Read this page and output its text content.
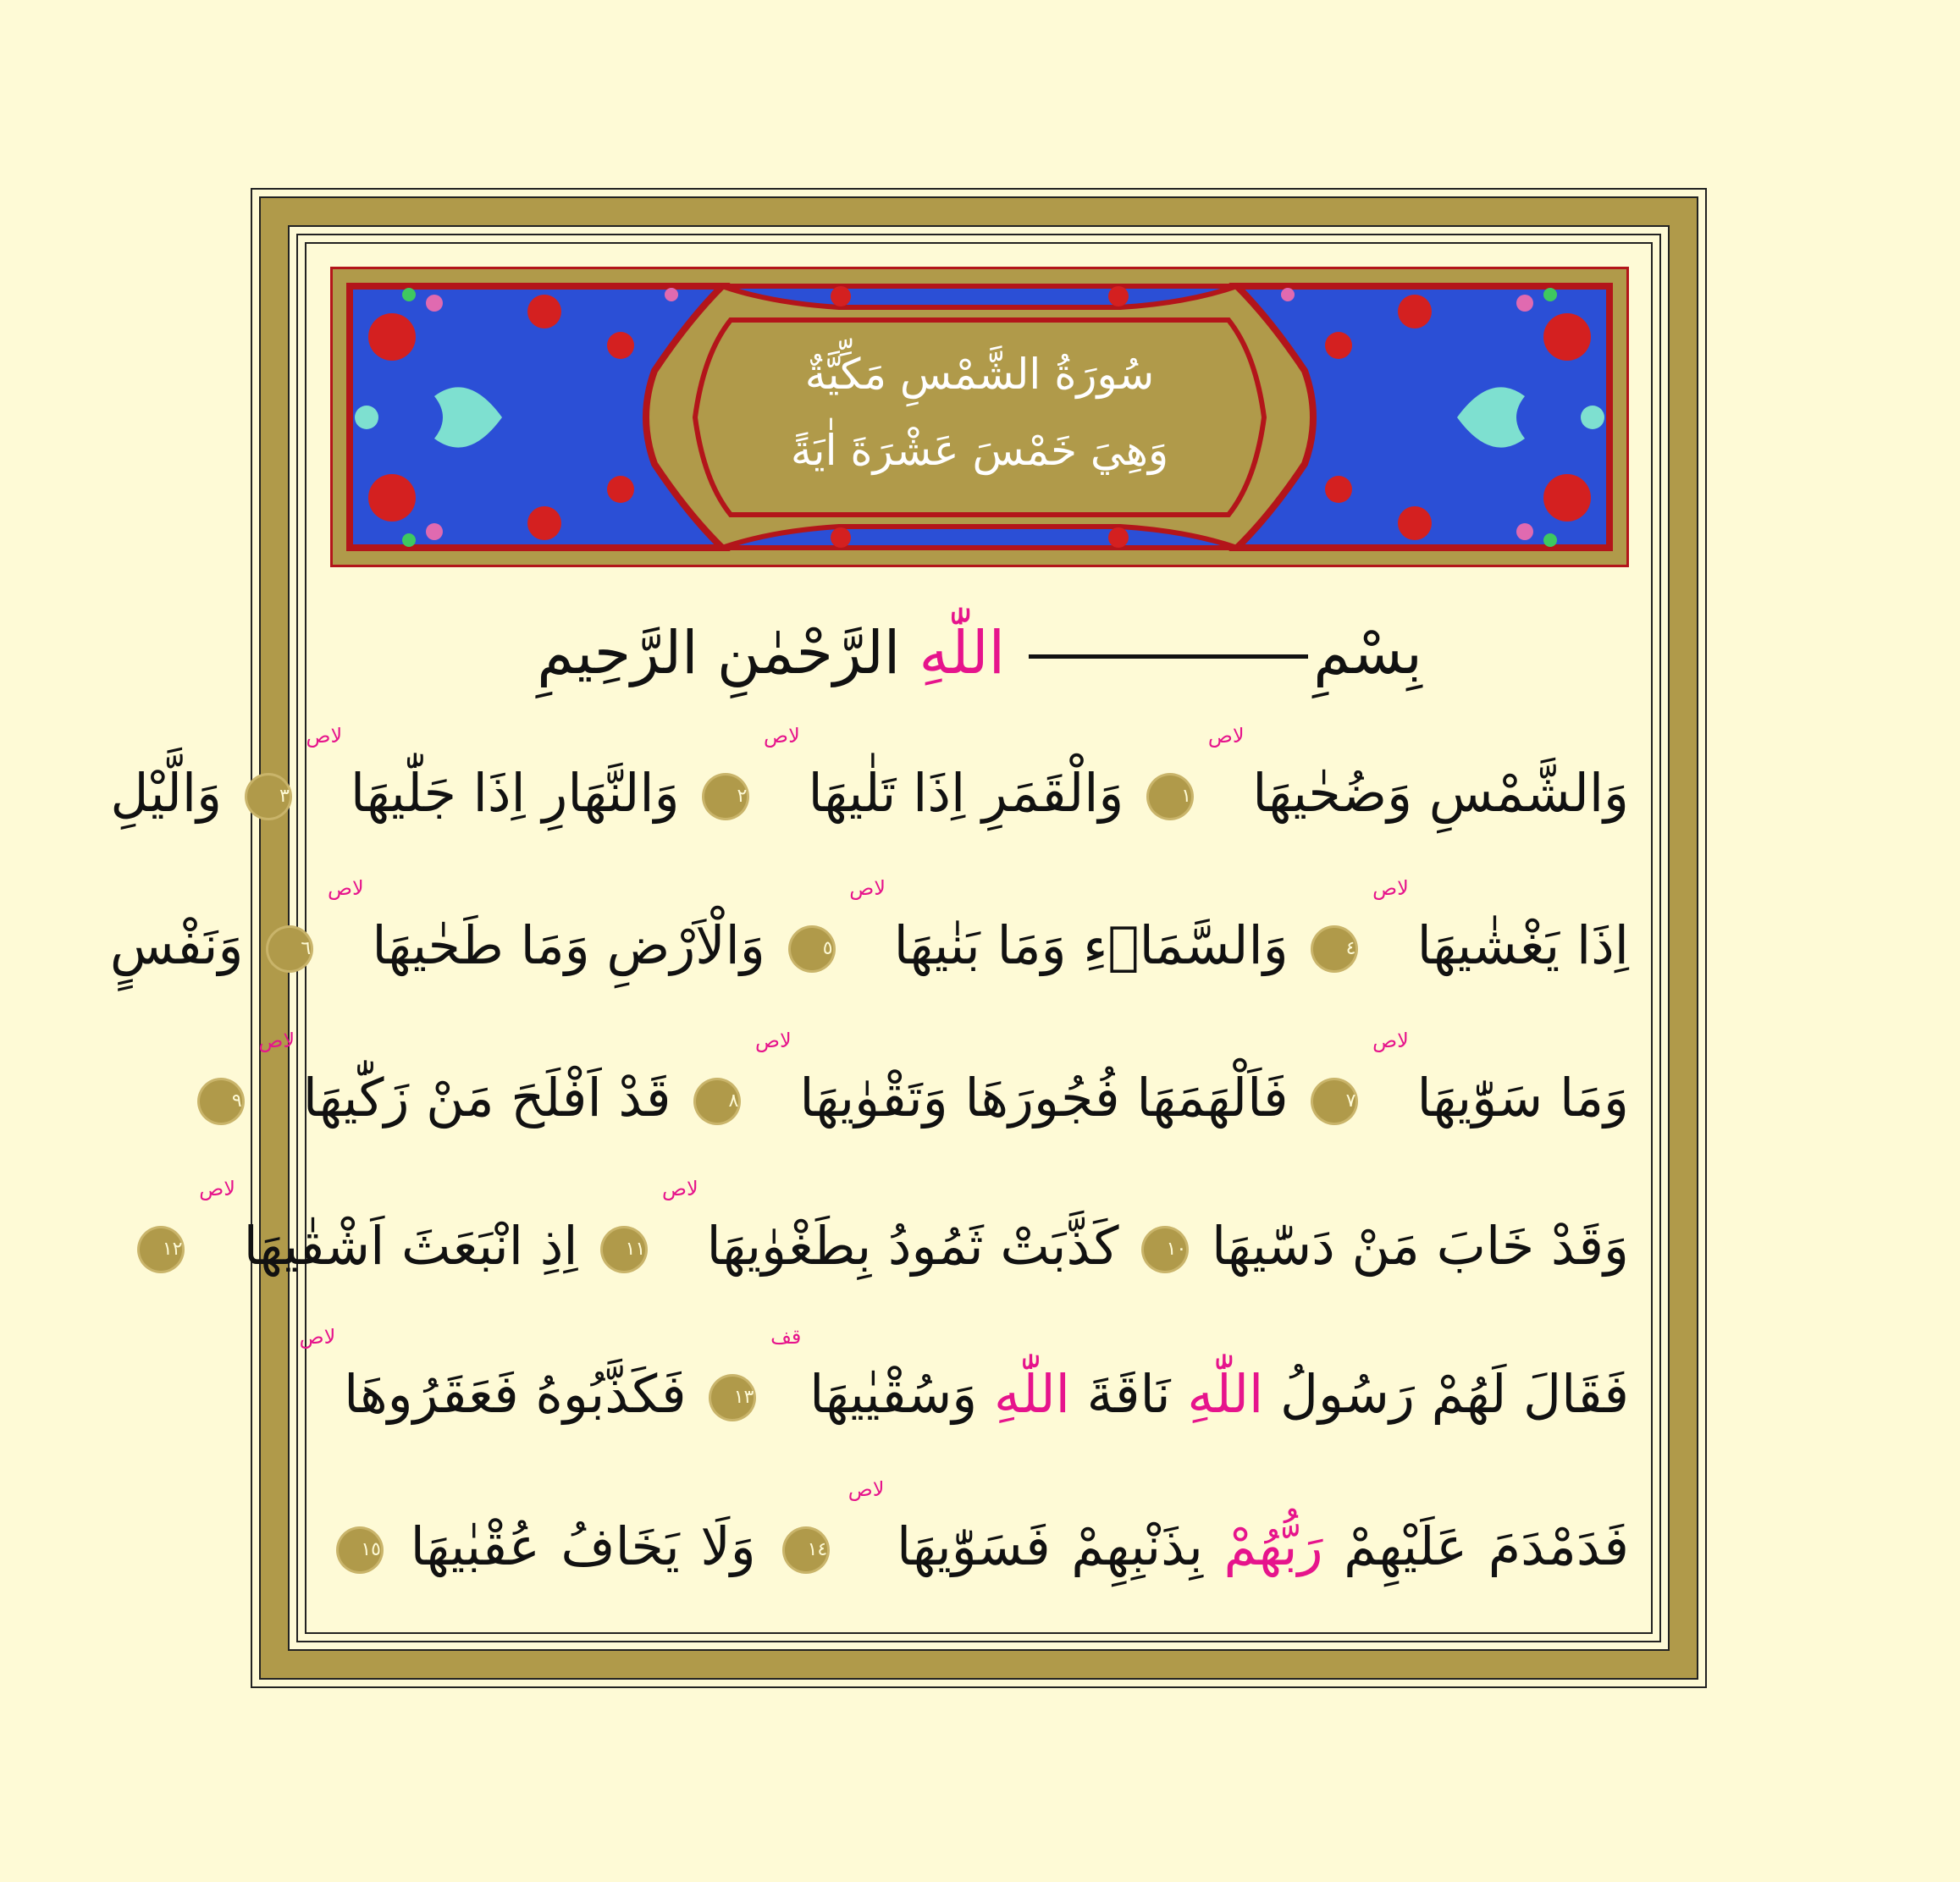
سُورَةُ الشَّمْسِ مَكِّيَّةٌ
وَهِيَ خَمْسَ عَشْرَةَ اٰيَةً
بِسْمِ اللّٰهِ الرَّحْمٰنِ الرَّحِيمِ
وَالشَّمْسِ وَضُحٰيهَا لاص ١ وَالْقَمَرِ اِذَا تَلٰيهَا لاص ٢ وَالنَّهَارِ اِذَا جَلّٰيهَا لاص ٣ وَالَّيْلِ
اِذَا يَغْشٰيهَا لاص ٤ وَالسَّمَاۤءِ وَمَا بَنٰيهَا لاص ٥ وَالْاَرْضِ وَمَا طَحٰيهَا لاص ٦ وَنَفْسٍ
وَمَا سَوّٰيهَا لاص ٧ فَاَلْهَمَهَا فُجُورَهَا وَتَقْوٰيهَا لاص ٨ قَدْ اَفْلَحَ مَنْ زَكّٰيهَا لاص ٩
وَقَدْ خَابَ مَنْ دَسّٰيهَا ١٠ كَذَّبَتْ ثَمُودُ بِطَغْوٰيهَا لاص ١١ اِذِ انْبَعَثَ اَشْقٰيهَا لاص ١٢
فَقَالَ لَهُمْ رَسُولُ اللّٰهِ نَاقَةَ اللّٰهِ وَسُقْيٰيهَا قف ١٣ فَكَذَّبُوهُ فَعَقَرُوهَا لاص
فَدَمْدَمَ عَلَيْهِمْ رَبُّهُمْ بِذَنْبِهِمْ فَسَوّٰيهَا لاص ١٤ وَلَا يَخَافُ عُقْبٰيهَا ١٥
